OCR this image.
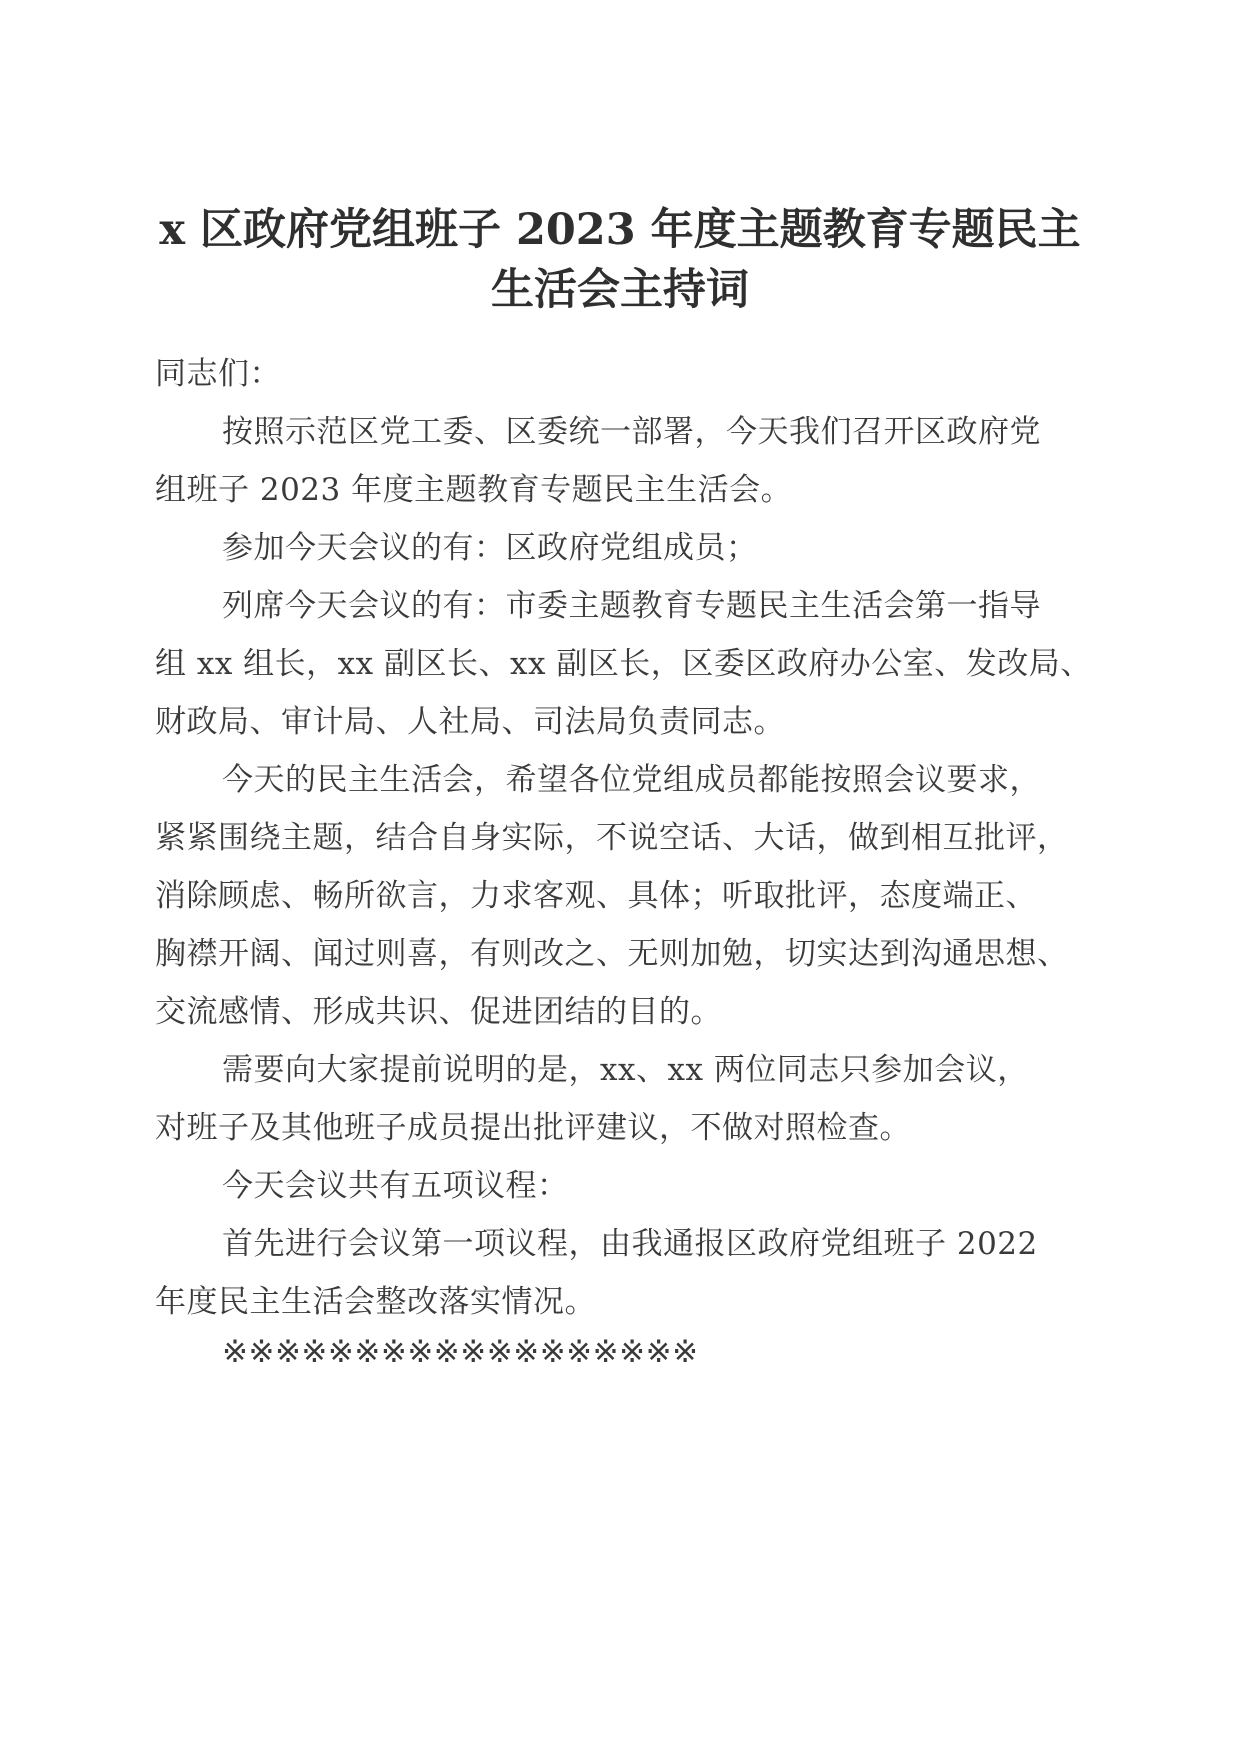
x 区政府党组班子 2023 年度主题教育专题民主
生活会主持词
同志们：
按照示范区党工委、区委统一部署，今天我们召开区政府党
组班子 2023 年度主题教育专题民主生活会。
参加今天会议的有：区政府党组成员；
列席今天会议的有：市委主题教育专题民主生活会第一指导
组 xx 组长，xx 副区长、xx 副区长，区委区政府办公室、发改局、
财政局、审计局、人社局、司法局负责同志。
今天的民主生活会，希望各位党组成员都能按照会议要求，
紧紧围绕主题，结合自身实际，不说空话、大话，做到相互批评，
消除顾虑、畅所欲言，力求客观、具体；听取批评，态度端正、
胸襟开阔、闻过则喜，有则改之、无则加勉，切实达到沟通思想、
交流感情、形成共识、促进团结的目的。
需要向大家提前说明的是，xx、xx 两位同志只参加会议，
对班子及其他班子成员提出批评建议，不做对照检查。
今天会议共有五项议程：
首先进行会议第一项议程，由我通报区政府党组班子 2022
年度民主生活会整改落实情况。
※※※※※※※※※※※※※※※※※※
